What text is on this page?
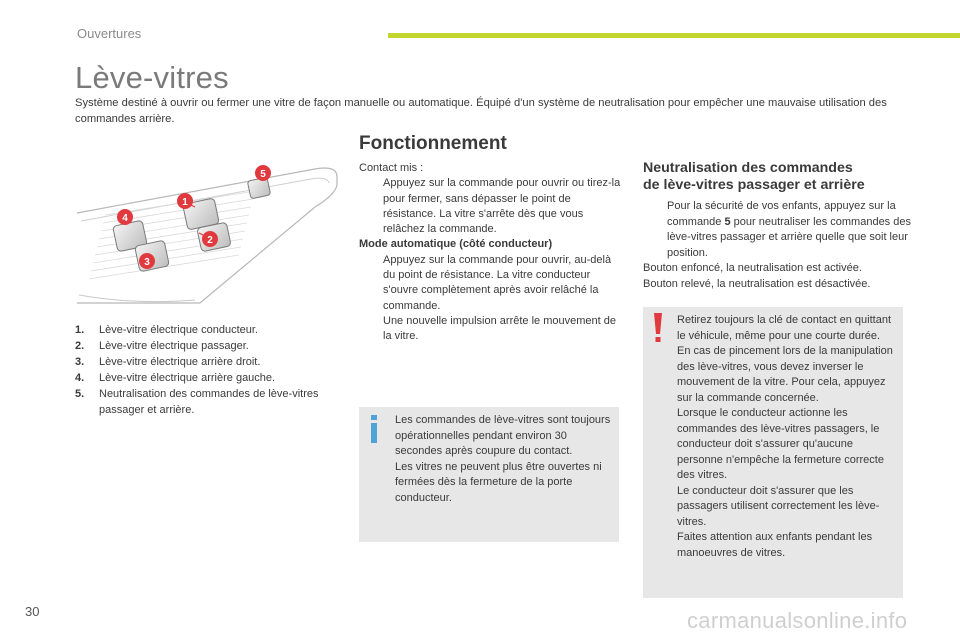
Ouvertures
Lève-vitres

Système destiné à ouvrir ou fermer une vitre de façon manuelle ou automatique. Équipé d'un système de neutralisation pour empêcher une mauvaise utilisation des commandes arrière.

1
2
3
4
5
1.	Lève-vitre électrique conducteur.
2.	Lève-vitre électrique passager.
3.	Lève-vitre électrique arrière droit.
4.	Lève-vitre électrique arrière gauche.
5.	Neutralisation des commandes de lève-vitres passager et arrière.
Fonctionnement

Contact mis :

Appuyez sur la commande pour ouvrir ou tirez-la pour fermer, sans dépasser le point de résistance. La vitre s'arrête dès que vous relâchez la commande.

Mode automatique (côté conducteur)

Appuyez sur la commande pour ouvrir, au-delà du point de résistance. La vitre conducteur s'ouvre complètement après avoir relâché la commande.
Une nouvelle impulsion arrête le mouvement de la vitre.

Les commandes de lève-vitres sont toujours opérationnelles pendant environ 30 secondes après coupure du contact.

Les vitres ne peuvent plus être ouvertes ni fermées dès la fermeture de la porte conducteur.

Neutralisation des commandes
de lève-vitres passager et arrière
Pour la sécurité de vos enfants, appuyez sur la commande 5 pour neutraliser les commandes des lève-vitres passager et arrière quelle que soit leur position.

Bouton enfoncé, la neutralisation est activée.

Bouton relevé, la neutralisation est désactivée.

Retirez toujours la clé de contact en quittant le véhicule, même pour une courte durée.

En cas de pincement lors de la manipulation des lève-vitres, vous devez inverser le mouvement de la vitre. Pour cela, appuyez sur la commande concernée.

Lorsque le conducteur actionne les commandes des lève-vitres passagers, le conducteur doit s'assurer qu'aucune personne n'empêche la fermeture correcte des vitres.

Le conducteur doit s'assurer que les passagers utilisent correctement les lève-vitres.

Faites attention aux enfants pendant les manoeuvres de vitres.

30	carmanualsonline.info
